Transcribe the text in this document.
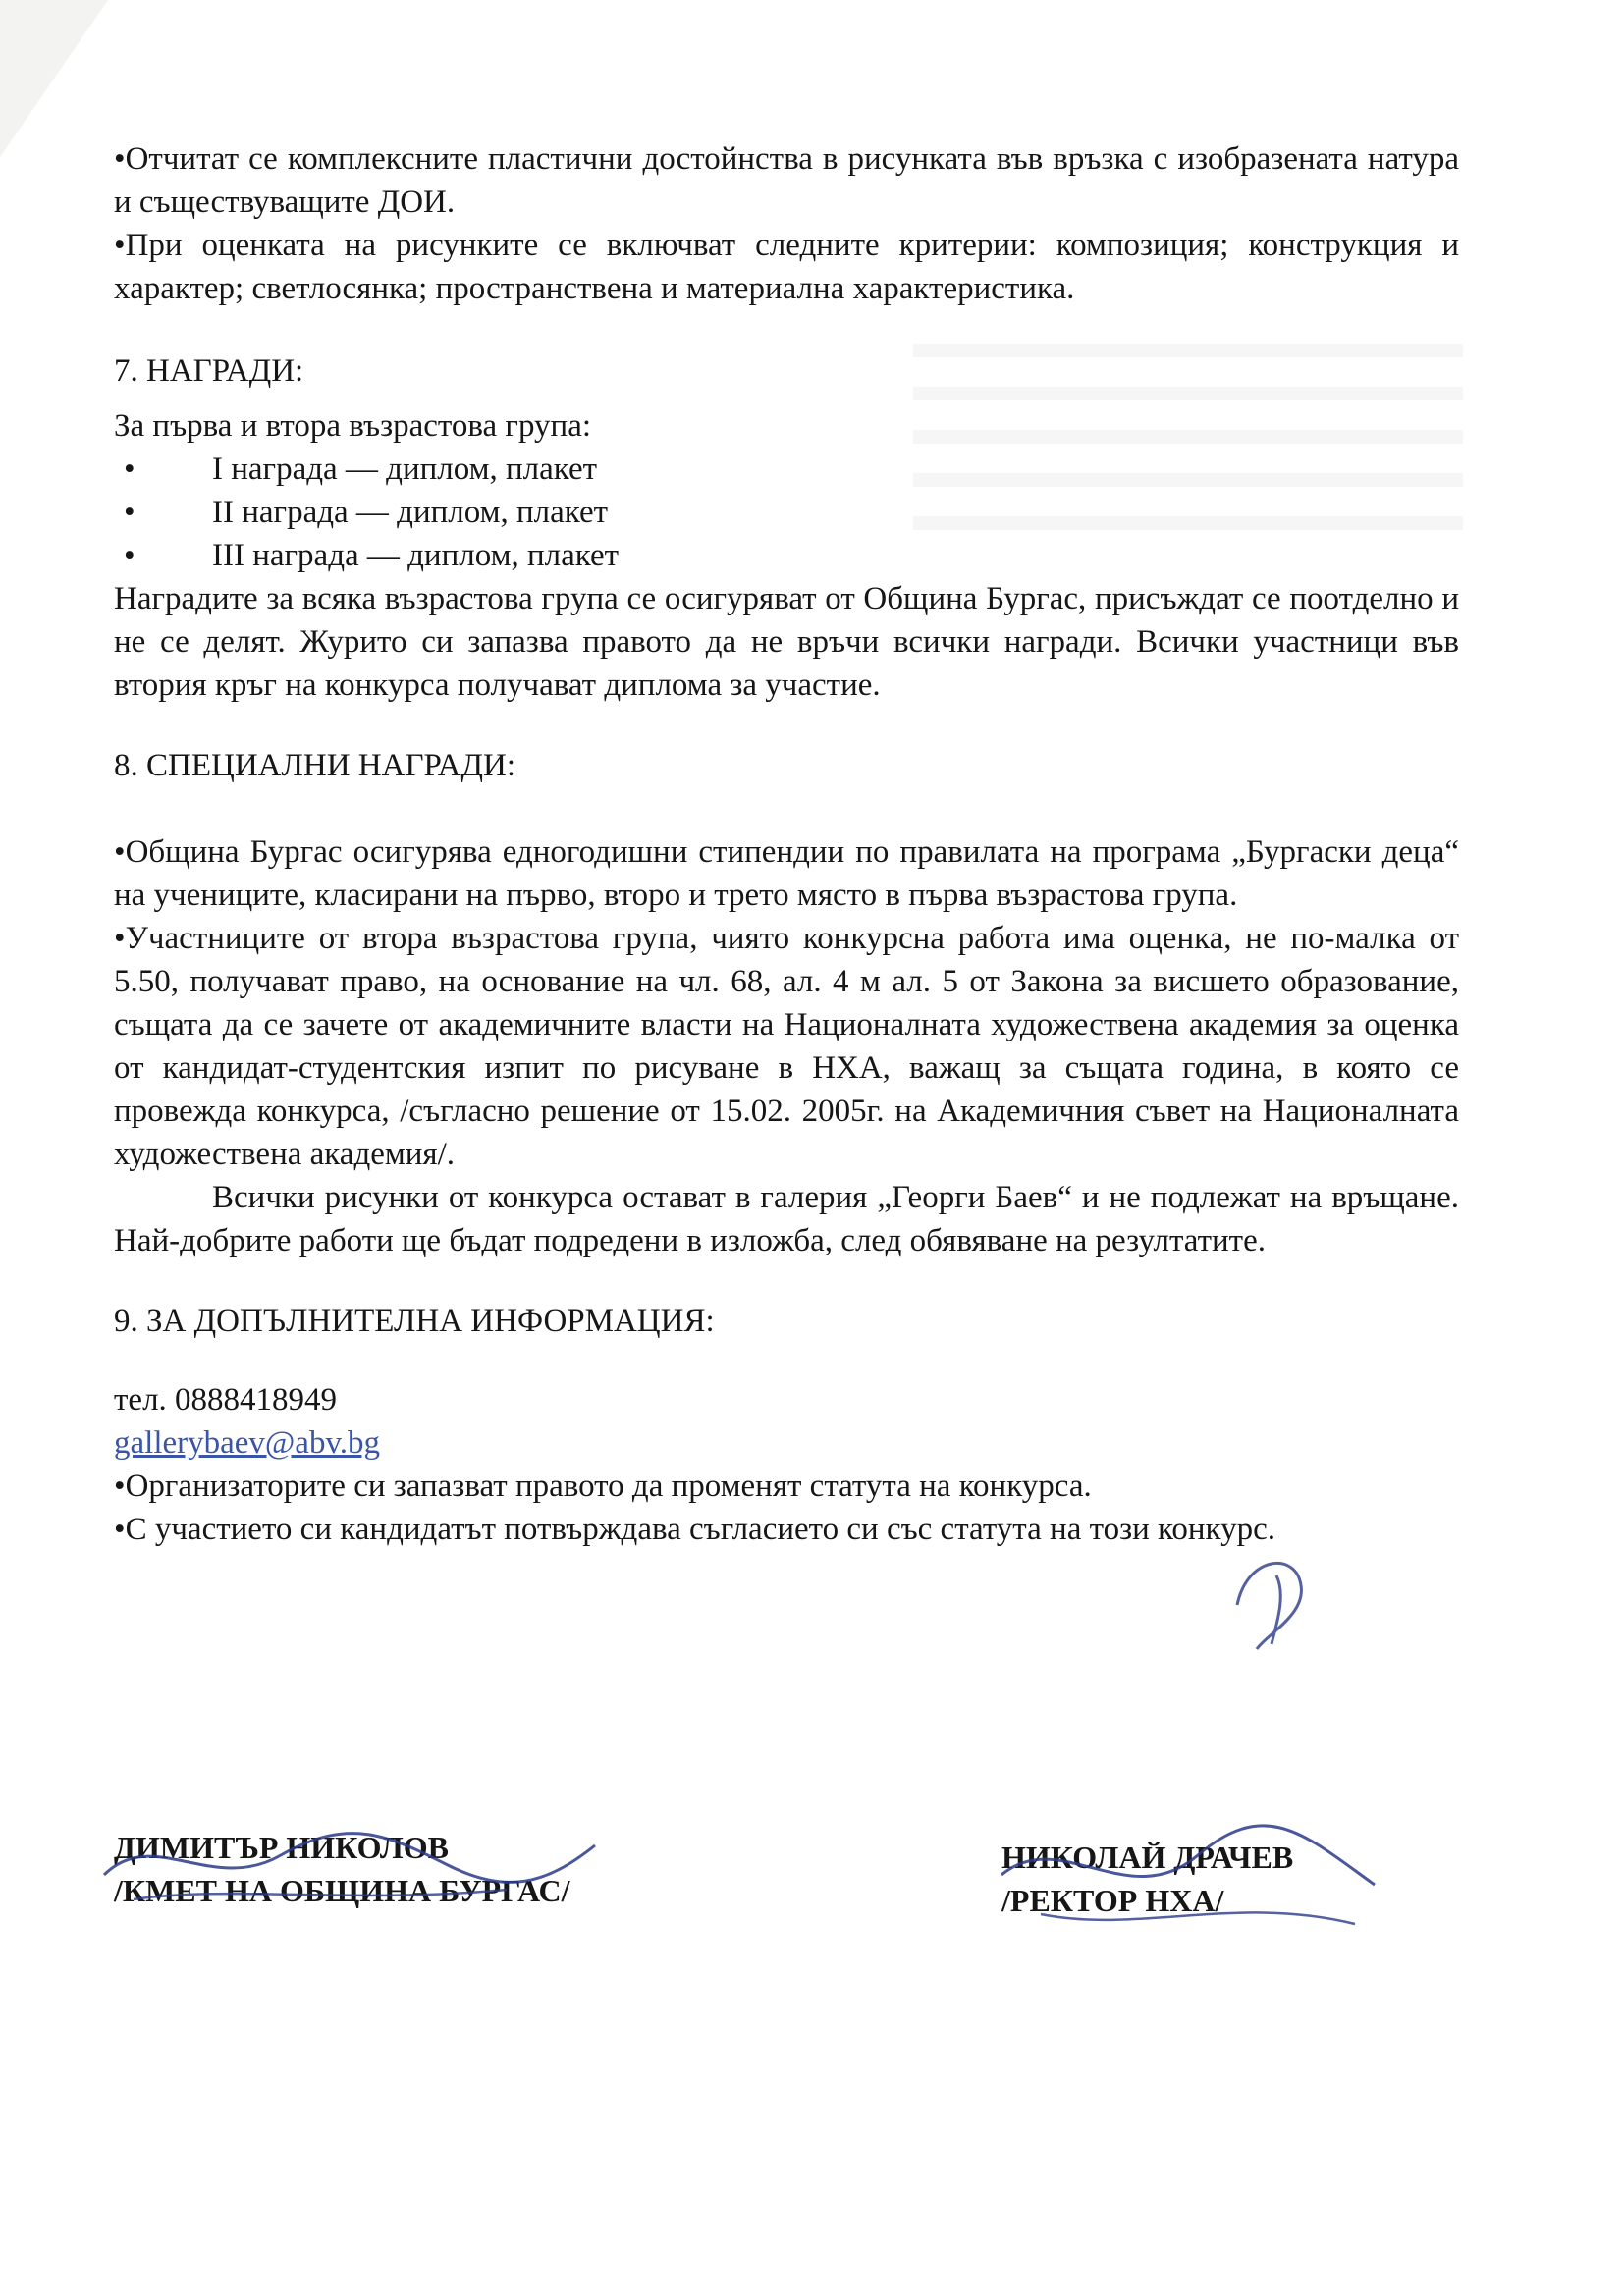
•Отчитат се комплексните пластични достойнства в рисунката във връзка с изобразената натура и съществуващите ДОИ.

•При оценката на рисунките се включват следните критерии: композиция; конструкция и характер; светлосянка; пространствена и материална характеристика.

7. НАГРАДИ:

За първа и втора възрастова група:

• I награда — диплом, плакет
• II награда — диплом, плакет
• III награда — диплом, плакет

Наградите за всяка възрастова група се осигуряват от Община Бургас, присъждат се поотделно и не се делят. Журито си запазва правото да не връчи всички награди. Всички участници във втория кръг на конкурса получават диплома за участие.

8. СПЕЦИАЛНИ НАГРАДИ:

•Община Бургас осигурява едногодишни стипендии по правилата на програма „Бургаски деца“ на учениците, класирани на първо, второ и трето място в първа възрастова група.

•Участниците от втора възрастова група, чиято конкурсна работа има оценка, не по-малка от 5.50, получават право, на основание на чл. 68, ал. 4 м ал. 5 от Закона за висшето образование, същата да се зачете от академичните власти на Националната художествена академия за оценка от кандидат-студентския изпит по рисуване в НХА, важащ за същата година, в която се провежда конкурса, /съгласно решение от 15.02. 2005г. на Академичния съвет на Националната художествена академия/.

Всички рисунки от конкурса остават в галерия „Георги Баев“ и не подлежат на връщане. Най-добрите работи ще бъдат подредени в изложба, след обявяване на резултатите.

9. ЗА ДОПЪЛНИТЕЛНА ИНФОРМАЦИЯ:

тел. 0888418949

gallerybaev@abv.bg

•Организаторите си запазват правото да променят статута на конкурса.

•С участието си кандидатът потвърждава съгласието си със статута на този конкурс.

ДИМИТЪР НИКОЛОВ
/КМЕТ НА ОБЩИНА БУРГАС/
НИКОЛАЙ ДРАЧЕВ
/РЕКТОР НХА/
